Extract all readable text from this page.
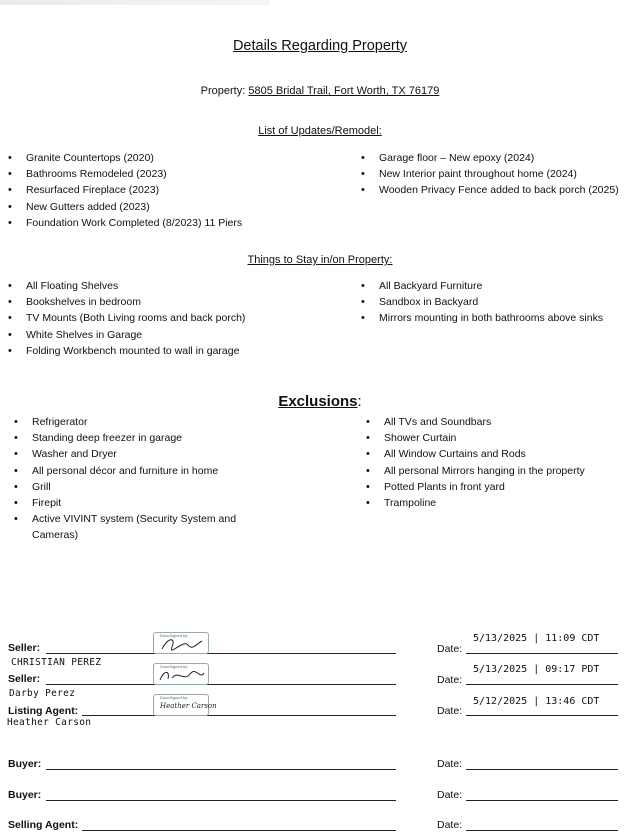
Details Regarding Property
Property: 5805 Bridal Trail, Fort Worth, TX 76179
List of Updates/Remodel:
• Granite Countertops (2020)
• Bathrooms Remodeled (2023)
• Resurfaced Fireplace (2023)
• New Gutters added (2023)
• Foundation Work Completed (8/2023) 11 Piers
• Garage floor – New epoxy (2024)
• New Interior paint throughout home (2024)
• Wooden Privacy Fence added to back porch (2025)
Things to Stay in/on Property:
• All Floating Shelves
• Bookshelves in bedroom
• TV Mounts (Both Living rooms and back porch)
• White Shelves in Garage
• Folding Workbench mounted to wall in garage
• All Backyard Furniture
• Sandbox in Backyard
• Mirrors mounting in both bathrooms above sinks
Exclusions:
• Refrigerator
• Standing deep freezer in garage
• Washer and Dryer
• All personal décor and furniture in home
• Grill
• Firepit
• Active VIVINT system (Security System and Cameras)
• All TVs and Soundbars
• Shower Curtain
• All Window Curtains and Rods
• All personal Mirrors hanging in the property
• Potted Plants in front yard
• Trampoline
Seller:
DocuSigned by:
CHRISTIAN PEREZ
Date:
5/13/2025 | 11:09 CDT
Seller:
DocuSigned by:
Darby Perez
Date:
5/13/2025 | 09:17 PDT
Listing Agent:
DocuSigned by:
Heather Carson
Heather Carson
Date:
5/12/2025 | 13:46 CDT
Buyer:	Date:
Buyer:	Date:
Selling Agent:	Date:
